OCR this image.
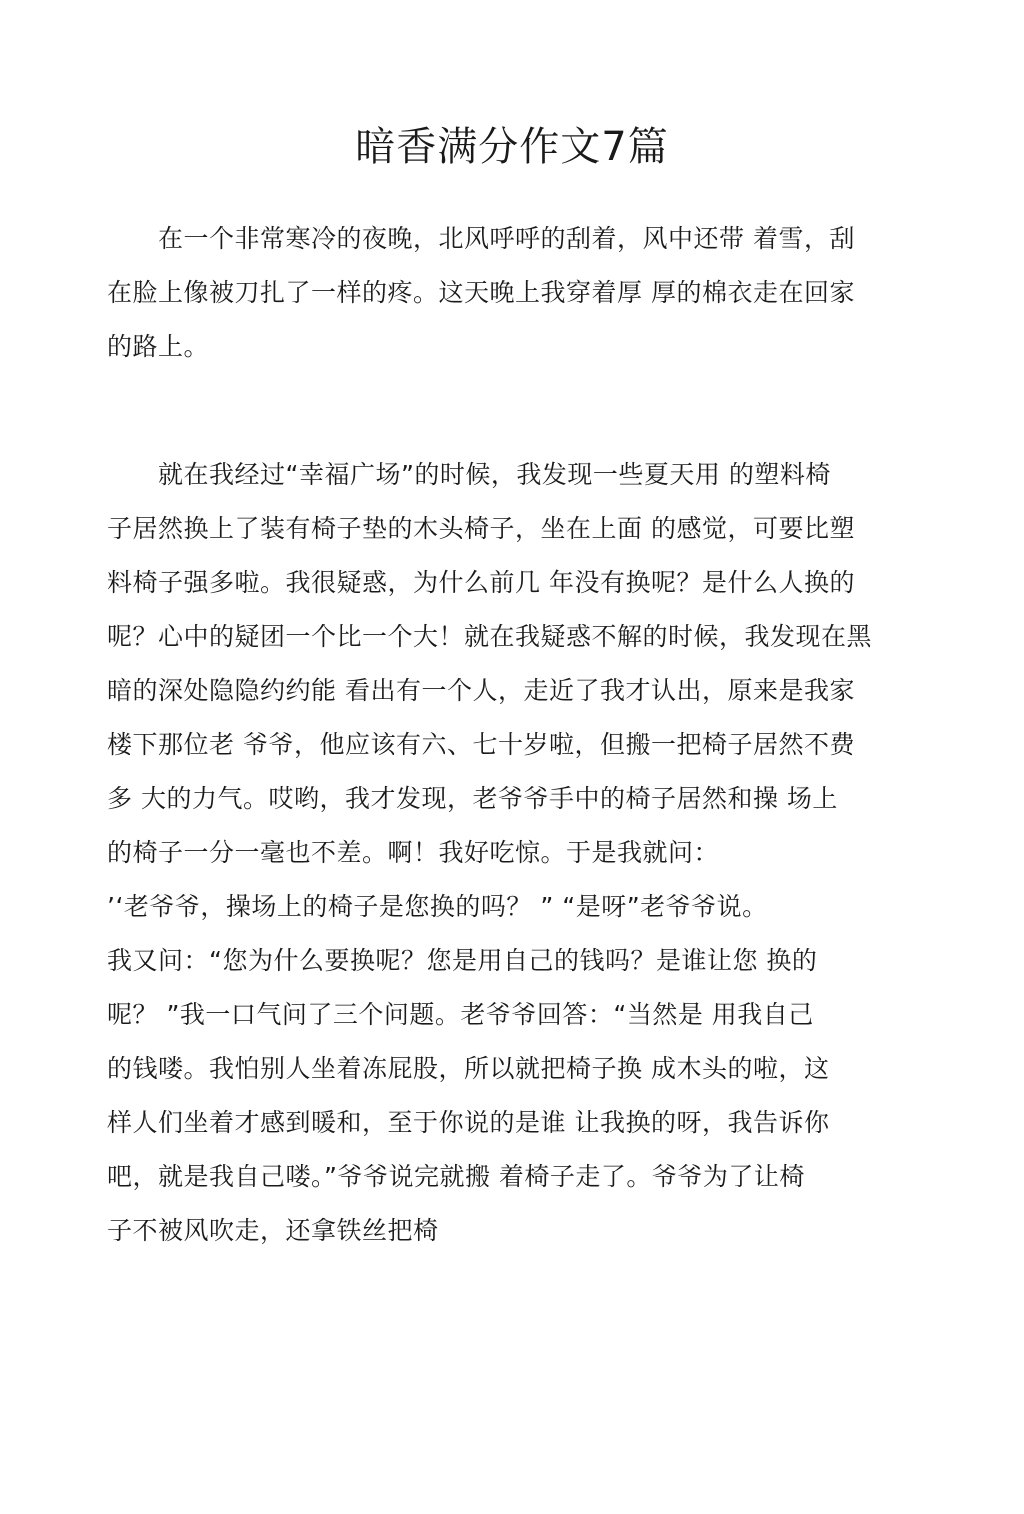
暗香满分作文7篇
　　在一个非常寒冷的夜晚，北风呼呼的刮着，风中还带 着雪，刮
在脸上像被刀扎了一样的疼。这天晚上我穿着厚 厚的棉衣走在回家
的路上。
　　就在我经过“幸福广场”的时候，我发现一些夏天用 的塑料椅
子居然换上了装有椅子垫的木头椅子，坐在上面 的感觉，可要比塑
料椅子强多啦。我很疑惑，为什么前几 年没有换呢？是什么人换的
呢？心中的疑团一个比一个大！就在我疑惑不解的时候，我发现在黑
暗的深处隐隐约约能 看出有一个人，走近了我才认出，原来是我家
楼下那位老 爷爷，他应该有六、七十岁啦，但搬一把椅子居然不费
多 大的力气。哎哟，我才发现，老爷爷手中的椅子居然和操 场上
的椅子一分一毫也不差。啊！我好吃惊。于是我就问：
’‘老爷爷，操场上的椅子是您换的吗？ ” “是呀”老爷爷说。
我又问：“您为什么要换呢？您是用自己的钱吗？是谁让您 换的
呢？ ”我一口气问了三个问题。老爷爷回答：“当然是 用我自己
的钱喽。我怕别人坐着冻屁股，所以就把椅子换 成木头的啦，这
样人们坐着才感到暖和，至于你说的是谁 让我换的呀，我告诉你
吧，就是我自己喽。”爷爷说完就搬 着椅子走了。爷爷为了让椅
子不被风吹走，还拿铁丝把椅
